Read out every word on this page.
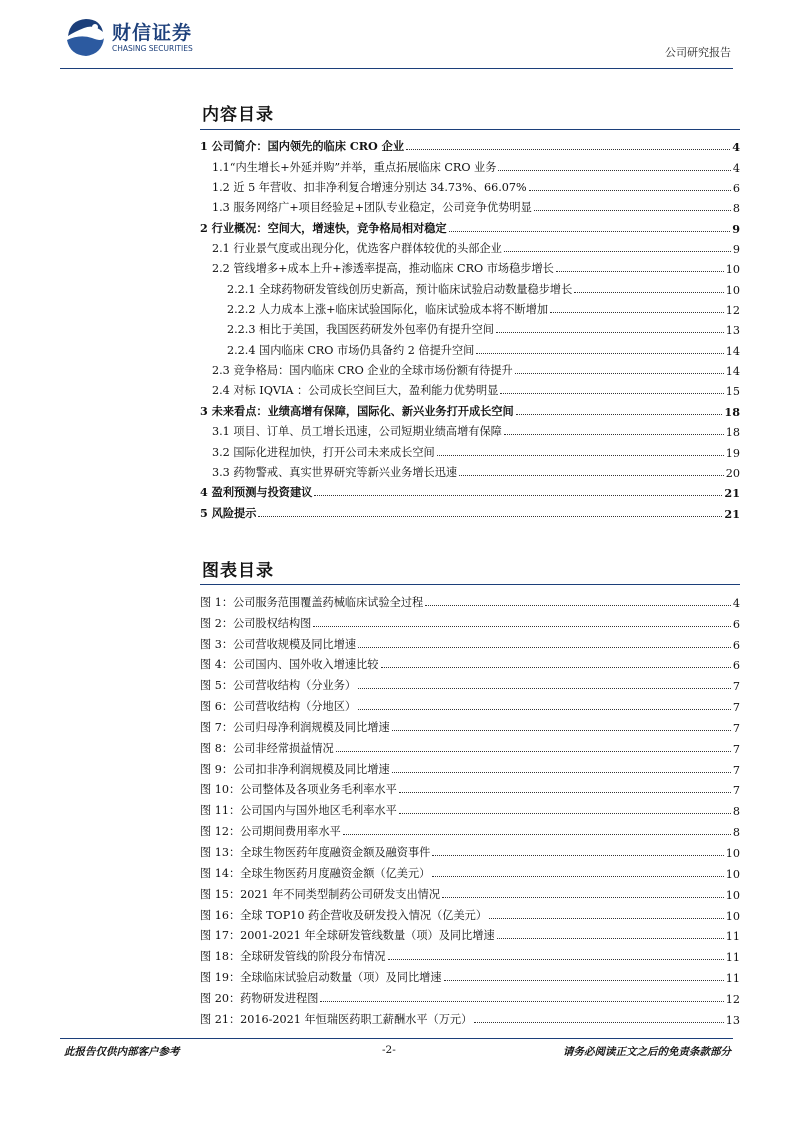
财信证券
CHASING SECURITIES	公司研究报告
内容目录
1 公司简介：国内领先的临床 CRO 企业	4
1.1“内生增长+外延并购”并举，重点拓展临床 CRO 业务	4
1.2 近 5 年营收、扣非净利复合增速分别达 34.73%、66.07%	6
1.3 服务网络广+项目经验足+团队专业稳定，公司竞争优势明显	8
2 行业概况：空间大，增速快，竞争格局相对稳定	9
2.1 行业景气度或出现分化，优选客户群体较优的头部企业	9
2.2 管线增多+成本上升+渗透率提高，推动临床 CRO 市场稳步增长	10
2.2.1 全球药物研发管线创历史新高，预计临床试验启动数量稳步增长	10
2.2.2 人力成本上涨+临床试验国际化，临床试验成本将不断增加	12
2.2.3 相比于美国，我国医药研发外包率仍有提升空间	13
2.2.4 国内临床 CRO 市场仍具备约 2 倍提升空间	14
2.3 竞争格局：国内临床 CRO 企业的全球市场份额有待提升	14
2.4 对标 IQVIA ：公司成长空间巨大，盈利能力优势明显	15
3 未来看点：业绩高增有保障，国际化、新兴业务打开成长空间	18
3.1 项目、订单、员工增长迅速，公司短期业绩高增有保障	18
3.2 国际化进程加快，打开公司未来成长空间	19
3.3 药物警戒、真实世界研究等新兴业务增长迅速	20
4 盈利预测与投资建议	21
5 风险提示	21
图表目录
图 1：公司服务范围覆盖药械临床试验全过程	4
图 2：公司股权结构图	6
图 3：公司营收规模及同比增速	6
图 4：公司国内、国外收入增速比较	6
图 5：公司营收结构（分业务）	7
图 6：公司营收结构（分地区）	7
图 7：公司归母净利润规模及同比增速	7
图 8：公司非经常损益情况	7
图 9：公司扣非净利润规模及同比增速	7
图 10：公司整体及各项业务毛利率水平	7
图 11：公司国内与国外地区毛利率水平	8
图 12：公司期间费用率水平	8
图 13：全球生物医药年度融资金额及融资事件	10
图 14：全球生物医药月度融资金额（亿美元）	10
图 15：2021 年不同类型制药公司研发支出情况	10
图 16：全球 TOP10 药企营收及研发投入情况（亿美元）	10
图 17：2001-2021 年全球研发管线数量（项）及同比增速	11
图 18：全球研发管线的阶段分布情况	11
图 19：全球临床试验启动数量（项）及同比增速	11
图 20：药物研发进程图	12
图 21：2016-2021 年恒瑞医药职工薪酬水平（万元）	13
此报告仅供内部客户参考	-2-	请务必阅读正文之后的免责条款部分
